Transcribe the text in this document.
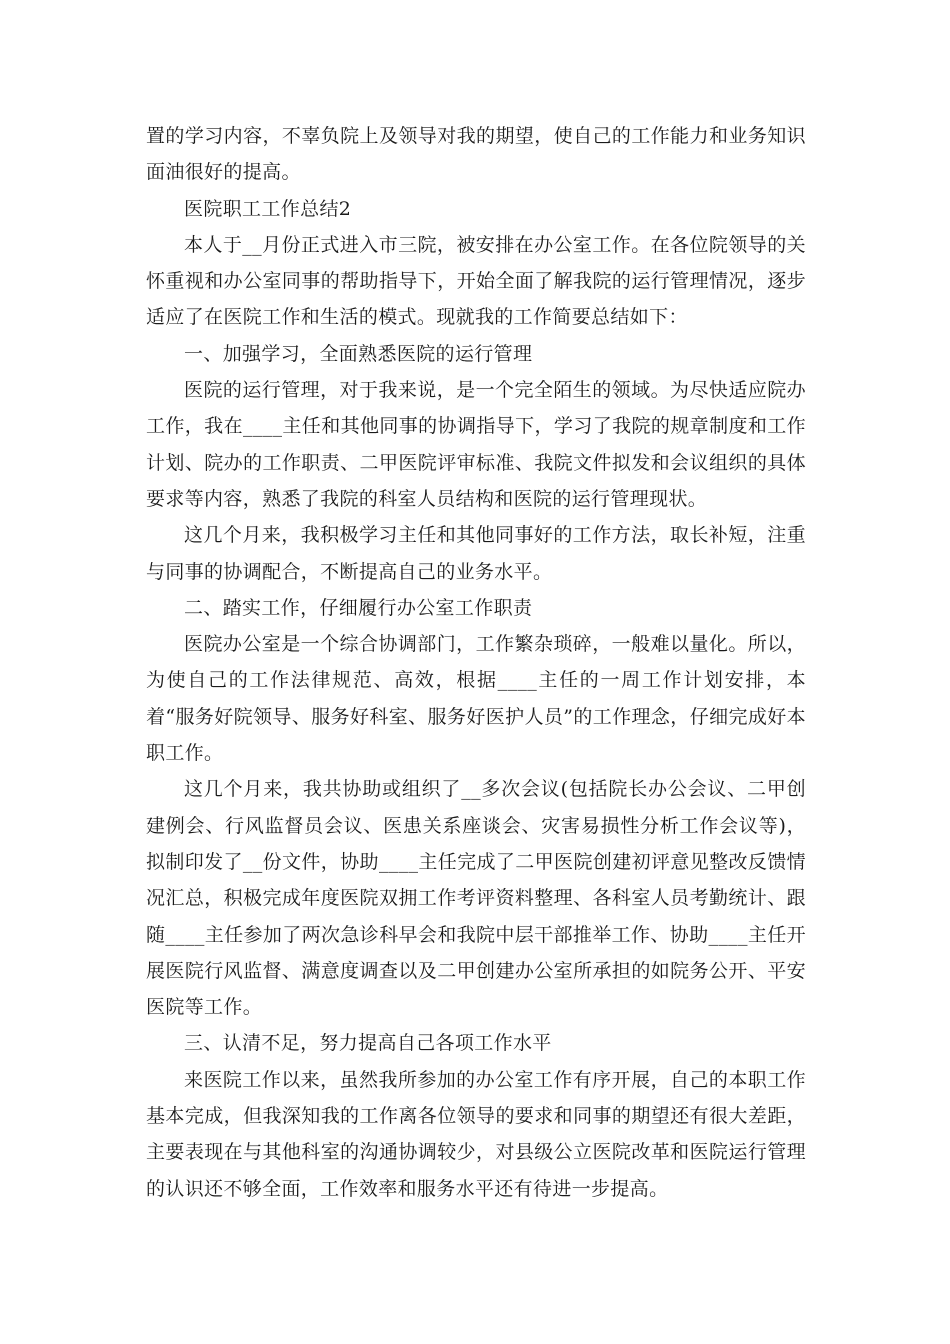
置的学习内容，不辜负院上及领导对我的期望，使自己的工作能力和业务知识面油很好的提高。

医院职工工作总结2

本人于__月份正式进入市三院，被安排在办公室工作。在各位院领导的关怀重视和办公室同事的帮助指导下，开始全面了解我院的运行管理情况，逐步适应了在医院工作和生活的模式。现就我的工作简要总结如下：

一、加强学习，全面熟悉医院的运行管理

医院的运行管理，对于我来说，是一个完全陌生的领域。为尽快适应院办工作，我在____主任和其他同事的协调指导下，学习了我院的规章制度和工作计划、院办的工作职责、二甲医院评审标准、我院文件拟发和会议组织的具体要求等内容，熟悉了我院的科室人员结构和医院的运行管理现状。

这几个月来，我积极学习主任和其他同事好的工作方法，取长补短，注重与同事的协调配合，不断提高自己的业务水平。

二、踏实工作，仔细履行办公室工作职责

医院办公室是一个综合协调部门，工作繁杂琐碎，一般难以量化。所以，为使自己的工作法律规范、高效，根据____主任的一周工作计划安排，本着“服务好院领导、服务好科室、服务好医护人员”的工作理念，仔细完成好本职工作。

这几个月来，我共协助或组织了__多次会议(包括院长办公会议、二甲创建例会、行风监督员会议、医患关系座谈会、灾害易损性分析工作会议等)，拟制印发了__份文件，协助____主任完成了二甲医院创建初评意见整改反馈情况汇总，积极完成年度医院双拥工作考评资料整理、各科室人员考勤统计、跟随____主任参加了两次急诊科早会和我院中层干部推举工作、协助____主任开展医院行风监督、满意度调查以及二甲创建办公室所承担的如院务公开、平安医院等工作。

三、认清不足，努力提高自己各项工作水平

来医院工作以来，虽然我所参加的办公室工作有序开展，自己的本职工作基本完成，但我深知我的工作离各位领导的要求和同事的期望还有很大差距，主要表现在与其他科室的沟通协调较少，对县级公立医院改革和医院运行管理的认识还不够全面，工作效率和服务水平还有待进一步提高。
